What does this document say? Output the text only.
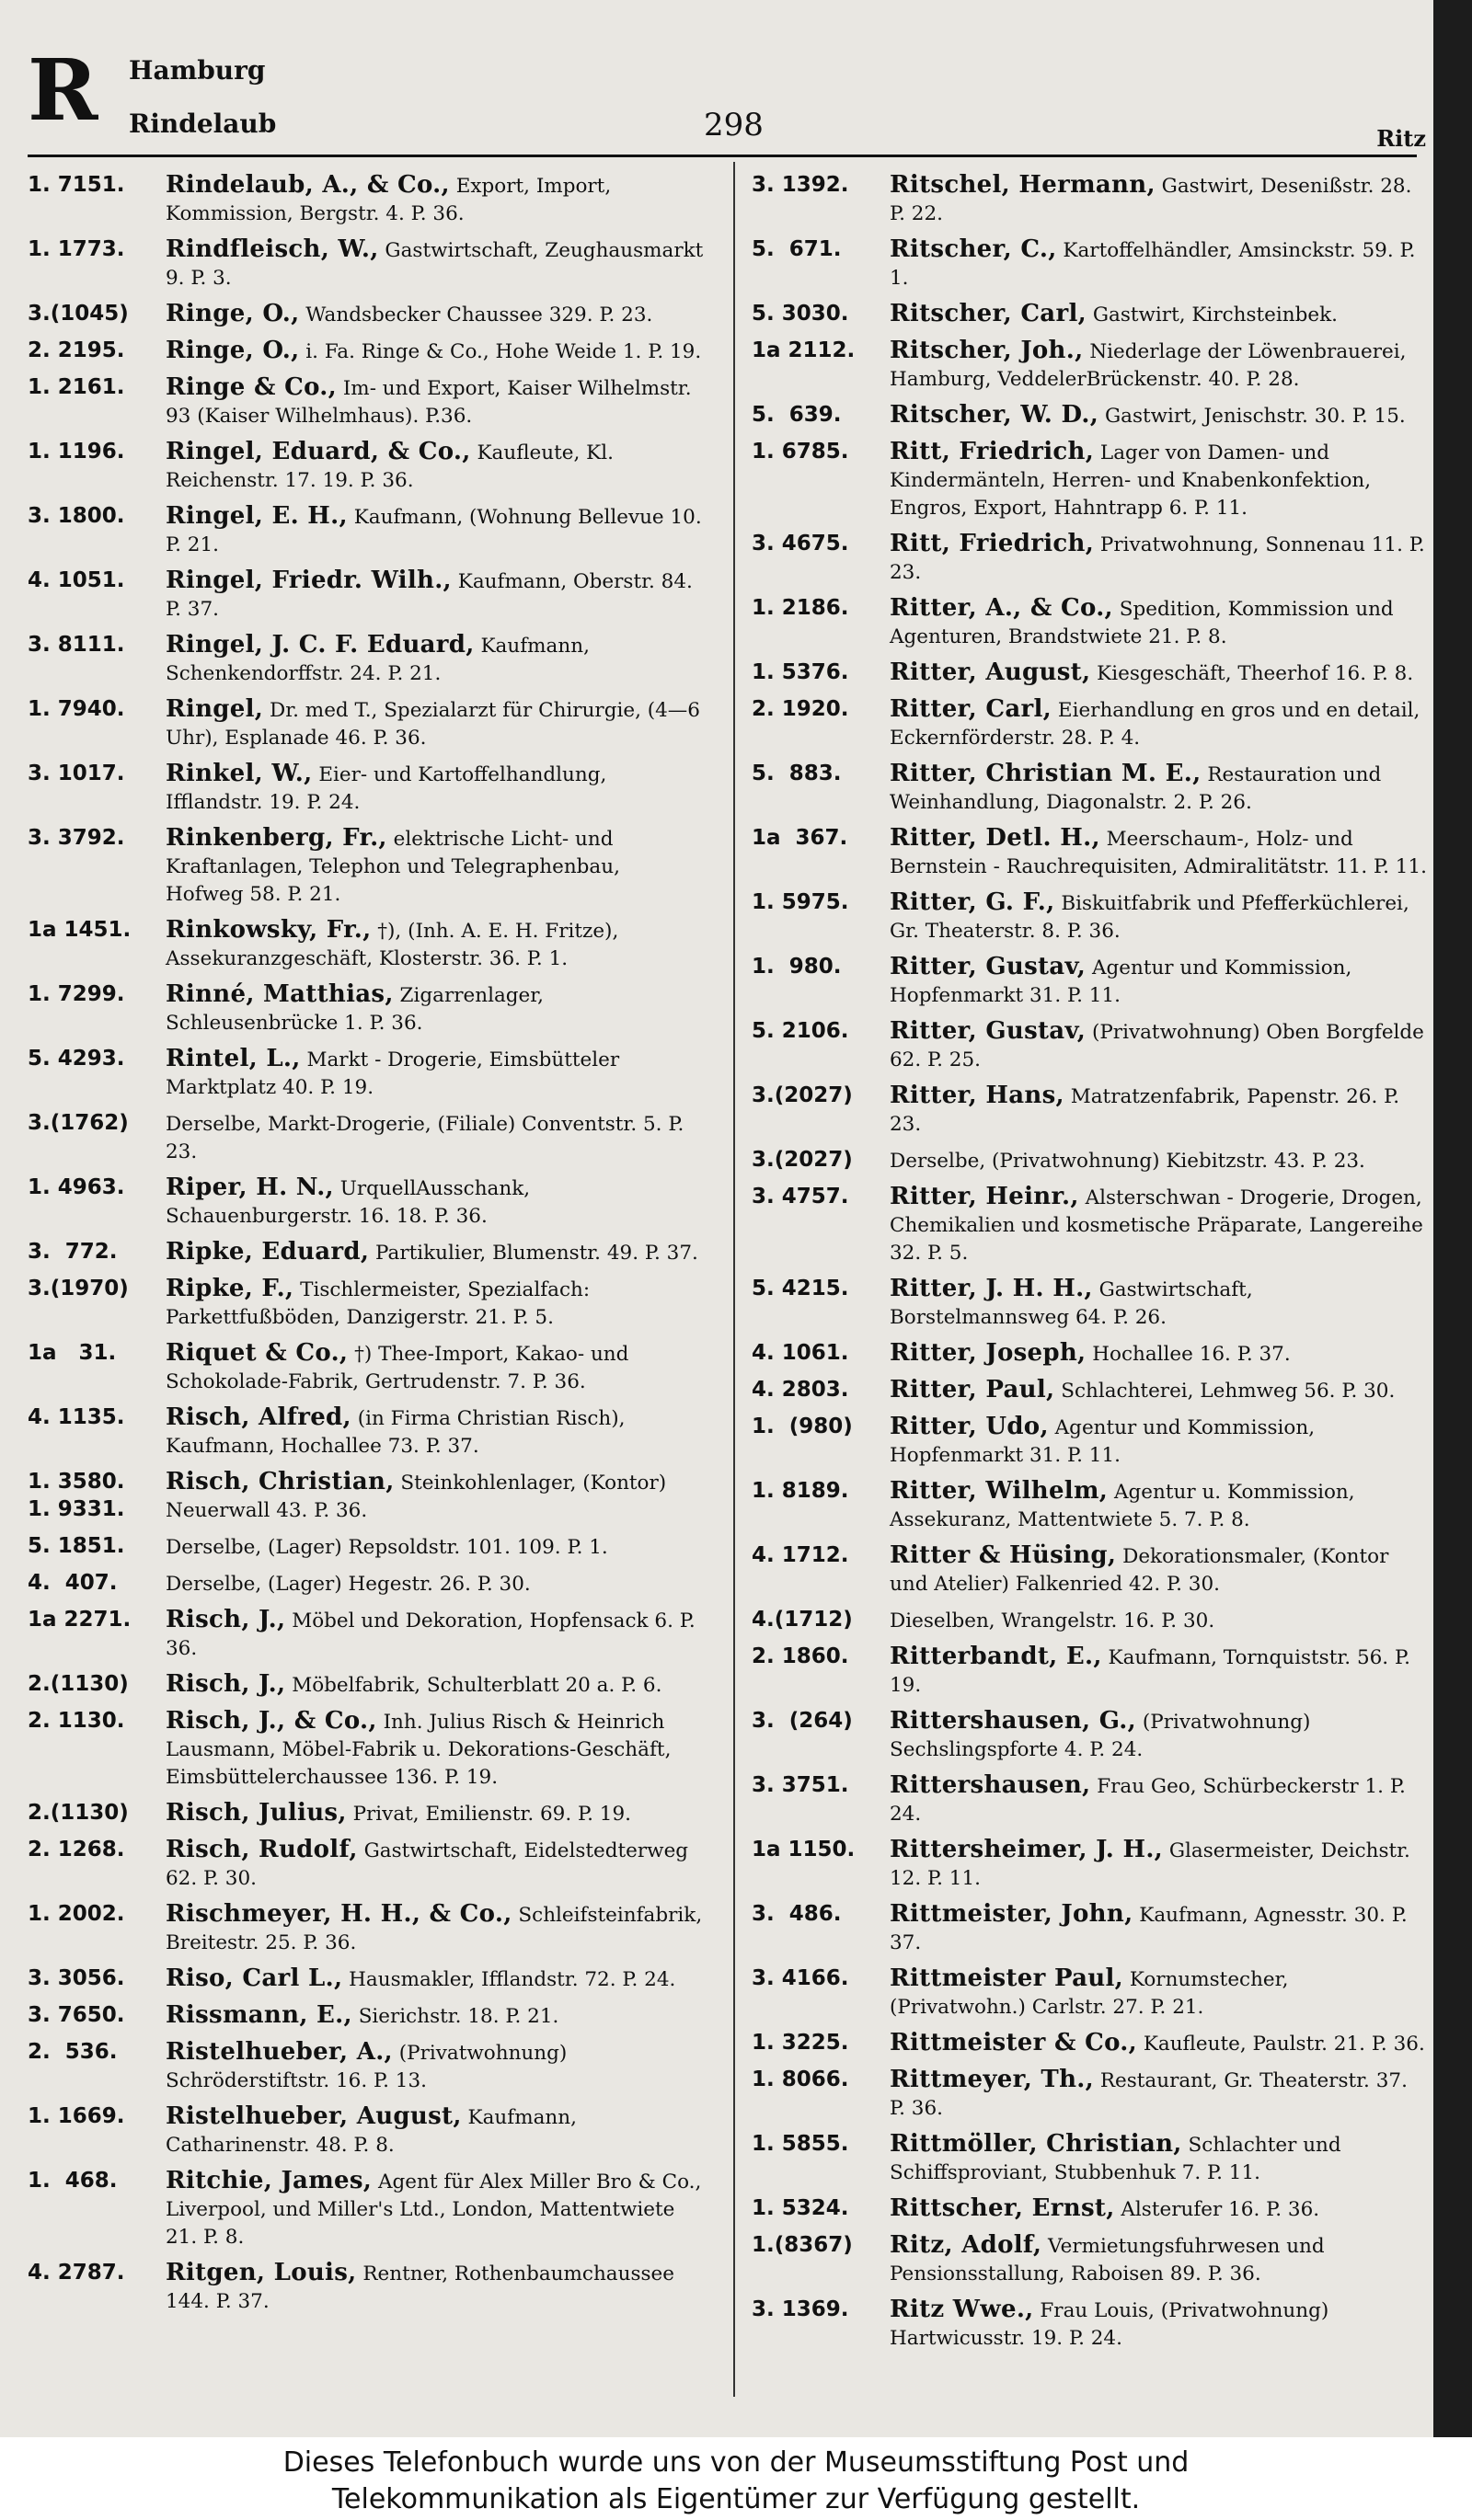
R Hamburg
Rindelaub	298	Ritz
1. 7151. Rindelaub, A., & Co., Export, Import, Kommission, Bergstr. 4. P. 36.
1. 1773. Rindfleisch, W., Gastwirtschaft, Zeughausmarkt 9. P. 3.
3.(1045) Ringe, O., Wandsbecker Chaussee 329. P. 23.
2. 2195. Ringe, O., i. Fa. Ringe & Co., Hohe Weide 1. P. 19.
1. 2161. Ringe & Co., Im- und Export, Kaiser Wilhelmstr. 93 (Kaiser Wilhelmhaus). P.36.
1. 1196. Ringel, Eduard, & Co., Kaufleute, Kl. Reichenstr. 17. 19. P. 36.
3. 1800. Ringel, E. H., Kaufmann, (Wohnung Bellevue 10. P. 21.
4. 1051. Ringel, Friedr. Wilh., Kaufmann, Oberstr. 84. P. 37.
3. 8111. Ringel, J. C. F. Eduard, Kaufmann, Schenkendorffstr. 24. P. 21.
1. 7940. Ringel, Dr. med T., Spezialarzt für Chirurgie, (4—6 Uhr), Esplanade 46. P. 36.
3. 1017. Rinkel, W., Eier- und Kartoffelhandlung, Ifflandstr. 19. P. 24.
3. 3792. Rinkenberg, Fr., elektrische Licht- und Kraftanlagen, Telephon und Telegraphenbau, Hofweg 58. P. 21.
1a 1451. Rinkowsky, Fr., †), (Inh. A. E. H. Fritze), Assekuranzgeschäft, Klosterstr. 36. P. 1.
1. 7299. Rinné, Matthias, Zigarrenlager, Schleusenbrücke 1. P. 36.
5. 4293. Rintel, L., Markt - Drogerie, Eimsbütteler Marktplatz 40. P. 19.
3.(1762) Derselbe, Markt-Drogerie, (Filiale) Conventstr. 5. P. 23.
1. 4963. Riper, H. N., UrquellAusschank, Schauenburgerstr. 16. 18. P. 36.
3.  772. Ripke, Eduard, Partikulier, Blumenstr. 49. P. 37.
3.(1970) Ripke, F., Tischlermeister, Spezialfach: Parkettfußböden, Danzigerstr. 21. P. 5.
1a   31. Riquet & Co., †) Thee-Import, Kakao- und Schokolade-Fabrik, Gertrudenstr. 7. P. 36.
4. 1135. Risch, Alfred, (in Firma Christian Risch), Kaufmann, Hochallee 73. P. 37.
1. 3580.
1. 9331.
Risch, Christian, Steinkohlenlager, (Kontor) Neuerwall 43. P. 36.
5. 1851. Derselbe, (Lager) Repsoldstr. 101. 109. P. 1.
4.  407. Derselbe, (Lager) Hegestr. 26. P. 30.
1a 2271. Risch, J., Möbel und Dekoration, Hopfensack 6. P. 36.
2.(1130) Risch, J., Möbelfabrik, Schulterblatt 20 a. P. 6.
2. 1130. Risch, J., & Co., Inh. Julius Risch & Heinrich Lausmann, Möbel-Fabrik u. Dekorations-Geschäft, Eimsbüttelerchaussee 136. P. 19.
2.(1130) Risch, Julius, Privat, Emilienstr. 69. P. 19.
2. 1268. Risch, Rudolf, Gastwirtschaft, Eidelstedterweg 62. P. 30.
1. 2002. Rischmeyer, H. H., & Co., Schleifsteinfabrik, Breitestr. 25. P. 36.
3. 3056. Riso, Carl L., Hausmakler, Ifflandstr. 72. P. 24.
3. 7650. Rissmann, E., Sierichstr. 18. P. 21.
2.  536. Ristelhueber, A., (Privatwohnung) Schröderstiftstr. 16. P. 13.
1. 1669. Ristelhueber, August, Kaufmann, Catharinenstr. 48. P. 8.
1.  468. Ritchie, James, Agent für Alex Miller Bro & Co., Liverpool, und Miller's Ltd., London, Mattentwiete 21. P. 8.
4. 2787. Ritgen, Louis, Rentner, Rothenbaumchaussee 144. P. 37.
3. 1392. Ritschel, Hermann, Gastwirt, Desenißstr. 28. P. 22.
5.  671. Ritscher, C., Kartoffelhändler, Amsinckstr. 59. P. 1.
5. 3030. Ritscher, Carl, Gastwirt, Kirchsteinbek.
1a 2112. Ritscher, Joh., Niederlage der Löwenbrauerei, Hamburg, VeddelerBrückenstr. 40. P. 28.
5.  639. Ritscher, W. D., Gastwirt, Jenischstr. 30. P. 15.
1. 6785. Ritt, Friedrich, Lager von Damen- und Kindermänteln, Herren- und Knabenkonfektion, Engros, Export, Hahntrapp 6. P. 11.
3. 4675. Ritt, Friedrich, Privatwohnung, Sonnenau 11. P. 23.
1. 2186. Ritter, A., & Co., Spedition, Kommission und Agenturen, Brandstwiete 21. P. 8.
1. 5376. Ritter, August, Kiesgeschäft, Theerhof 16. P. 8.
2. 1920. Ritter, Carl, Eierhandlung en gros und en detail, Eckernförderstr. 28. P. 4.
5.  883. Ritter, Christian M. E., Restauration und Weinhandlung, Diagonalstr. 2. P. 26.
1a  367. Ritter, Detl. H., Meerschaum-, Holz- und Bernstein - Rauchrequisiten, Admiralitätstr. 11. P. 11.
1. 5975. Ritter, G. F., Biskuitfabrik und Pfefferküchlerei, Gr. Theaterstr. 8. P. 36.
1.  980. Ritter, Gustav, Agentur und Kommission, Hopfenmarkt 31. P. 11.
5. 2106. Ritter, Gustav, (Privatwohnung) Oben Borgfelde 62. P. 25.
3.(2027) Ritter, Hans, Matratzenfabrik, Papenstr. 26. P. 23.
3.(2027) Derselbe, (Privatwohnung) Kiebitzstr. 43. P. 23.
3. 4757. Ritter, Heinr., Alsterschwan - Drogerie, Drogen, Chemikalien und kosmetische Präparate, Langereihe 32. P. 5.
5. 4215. Ritter, J. H. H., Gastwirtschaft, Borstelmannsweg 64. P. 26.
4. 1061. Ritter, Joseph, Hochallee 16. P. 37.
4. 2803. Ritter, Paul, Schlachterei, Lehmweg 56. P. 30.
1.  (980) Ritter, Udo, Agentur und Kommission, Hopfenmarkt 31. P. 11.
1. 8189. Ritter, Wilhelm, Agentur u. Kommission, Assekuranz, Mattentwiete 5. 7. P. 8.
4. 1712. Ritter & Hüsing, Dekorationsmaler, (Kontor und Atelier) Falkenried 42. P. 30.
4.(1712) Dieselben, Wrangelstr. 16. P. 30.
2. 1860. Ritterbandt, E., Kaufmann, Tornquiststr. 56. P. 19.
3.  (264) Rittershausen, G., (Privatwohnung) Sechslingspforte 4. P. 24.
3. 3751. Rittershausen, Frau Geo, Schürbeckerstr 1. P. 24.
1a 1150. Rittersheimer, J. H., Glasermeister, Deichstr. 12. P. 11.
3.  486. Rittmeister, John, Kaufmann, Agnesstr. 30. P. 37.
3. 4166. Rittmeister Paul, Kornumstecher, (Privatwohn.) Carlstr. 27. P. 21.
1. 3225. Rittmeister & Co., Kaufleute, Paulstr. 21. P. 36.
1. 8066. Rittmeyer, Th., Restaurant, Gr. Theaterstr. 37. P. 36.
1. 5855. Rittmöller, Christian, Schlachter und Schiffsproviant, Stubbenhuk 7. P. 11.
1. 5324. Rittscher, Ernst, Alsterufer 16. P. 36.
1.(8367) Ritz, Adolf, Vermietungsfuhrwesen und Pensionsstallung, Raboisen 89. P. 36.
3. 1369. Ritz Wwe., Frau Louis, (Privatwohnung) Hartwicusstr. 19. P. 24.
Dieses Telefonbuch wurde uns von der Museumsstiftung Post und
Telekommunikation als Eigentümer zur Verfügung gestellt.
